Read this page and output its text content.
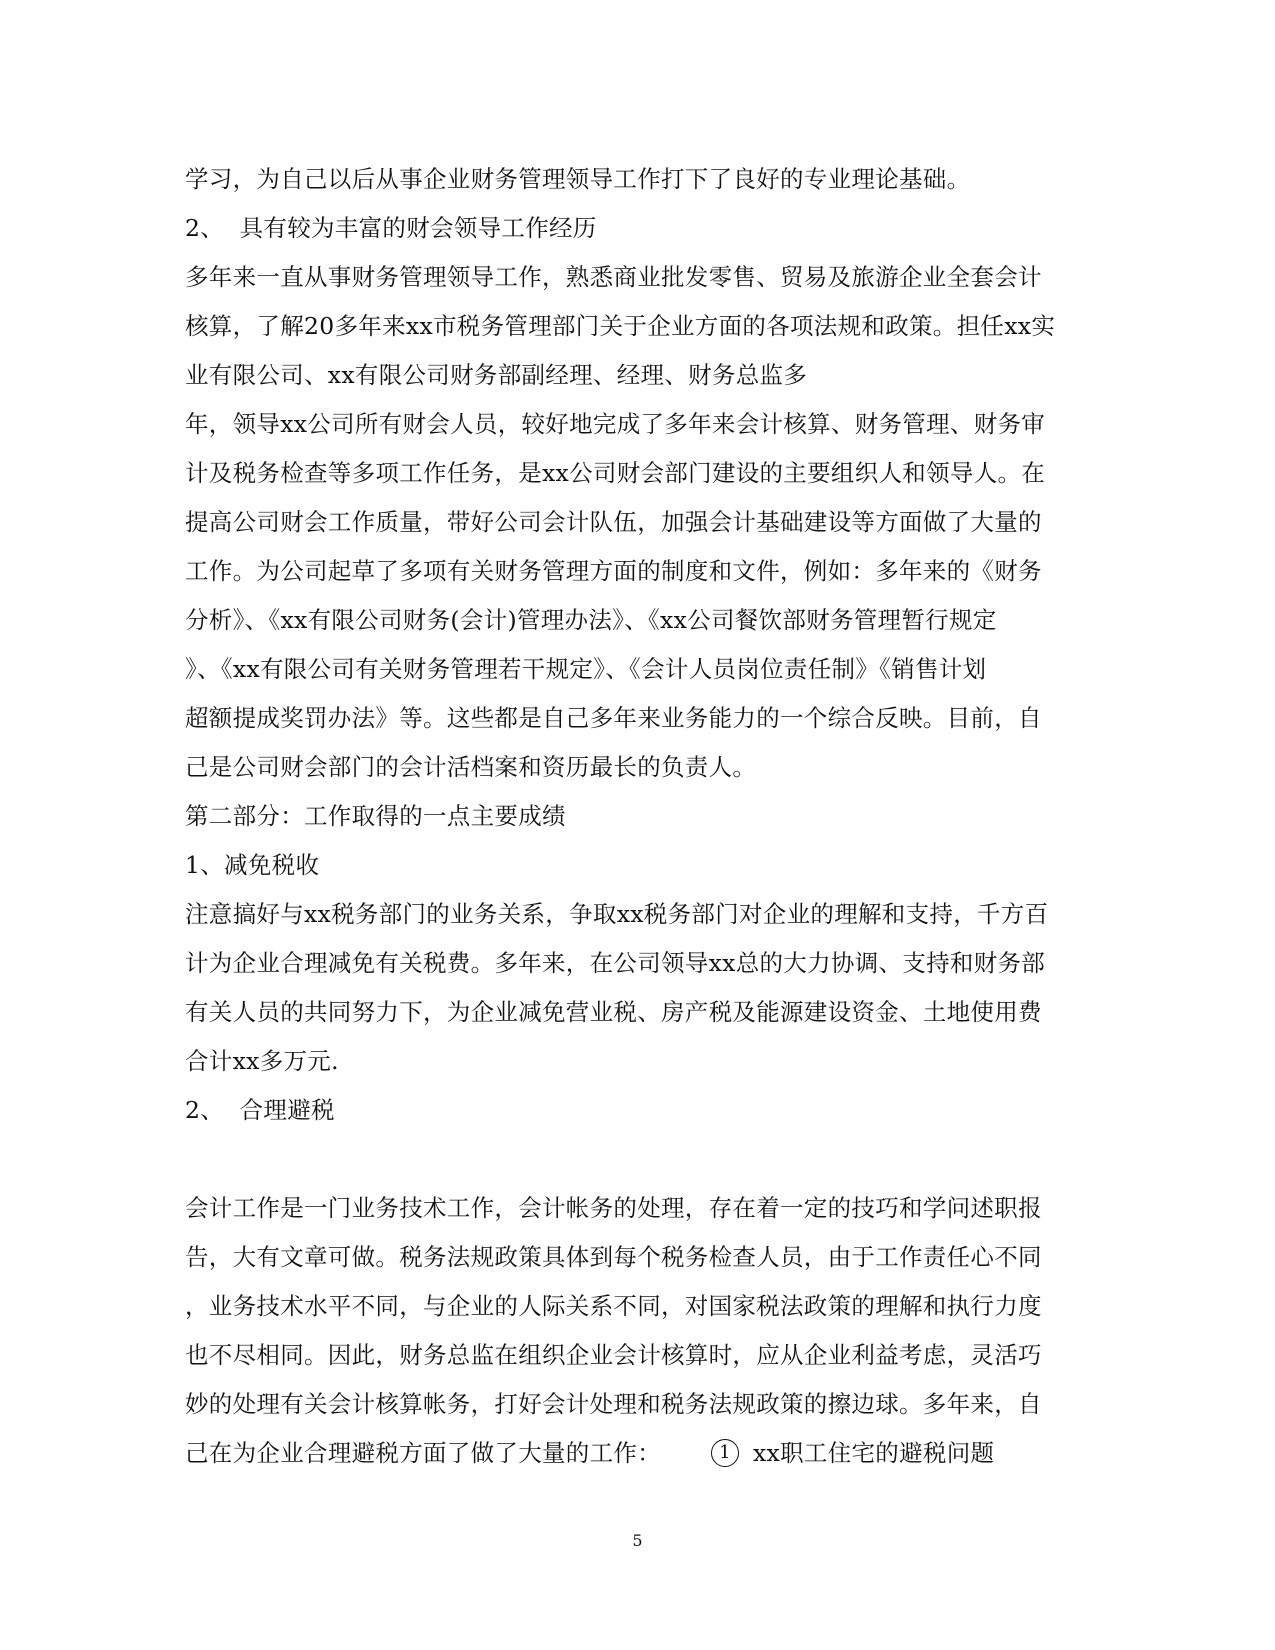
学习，为自己以后从事企业财务管理领导工作打下了良好的专业理论基础。
2、  具有较为丰富的财会领导工作经历
多年来一直从事财务管理领导工作，熟悉商业批发零售、贸易及旅游企业全套会计
核算，了解20多年来xx市税务管理部门关于企业方面的各项法规和政策。担任xx实
业有限公司、xx有限公司财务部副经理、经理、财务总监多
年，领导xx公司所有财会人员，较好地完成了多年来会计核算、财务管理、财务审
计及税务检查等多项工作任务，是xx公司财会部门建设的主要组织人和领导人。在
提高公司财会工作质量，带好公司会计队伍，加强会计基础建设等方面做了大量的
工作。为公司起草了多项有关财务管理方面的制度和文件，例如：多年来的《财务
分析》、《xx有限公司财务(会计)管理办法》、《xx公司餐饮部财务管理暂行规定
》、《xx有限公司有关财务管理若干规定》、《会计人员岗位责任制》《销售计划
超额提成奖罚办法》等。这些都是自己多年来业务能力的一个综合反映。目前，自
己是公司财会部门的会计活档案和资历最长的负责人。
第二部分：工作取得的一点主要成绩
1、减免税收
注意搞好与xx税务部门的业务关系，争取xx税务部门对企业的理解和支持，千方百
计为企业合理减免有关税费。多年来，在公司领导xx总的大力协调、支持和财务部
有关人员的共同努力下，为企业减免营业税、房产税及能源建设资金、土地使用费
合计xx多万元.
2、  合理避税
会计工作是一门业务技术工作，会计帐务的处理，存在着一定的技巧和学问述职报
告，大有文章可做。税务法规政策具体到每个税务检查人员，由于工作责任心不同
，业务技术水平不同，与企业的人际关系不同，对国家税法政策的理解和执行力度
也不尽相同。因此，财务总监在组织企业会计核算时，应从企业利益考虑，灵活巧
妙的处理有关会计核算帐务，打好会计处理和税务法规政策的擦边球。多年来，自
己在为企业合理避税方面了做了大量的工作：	1 xx职工住宅的避税问题
5
